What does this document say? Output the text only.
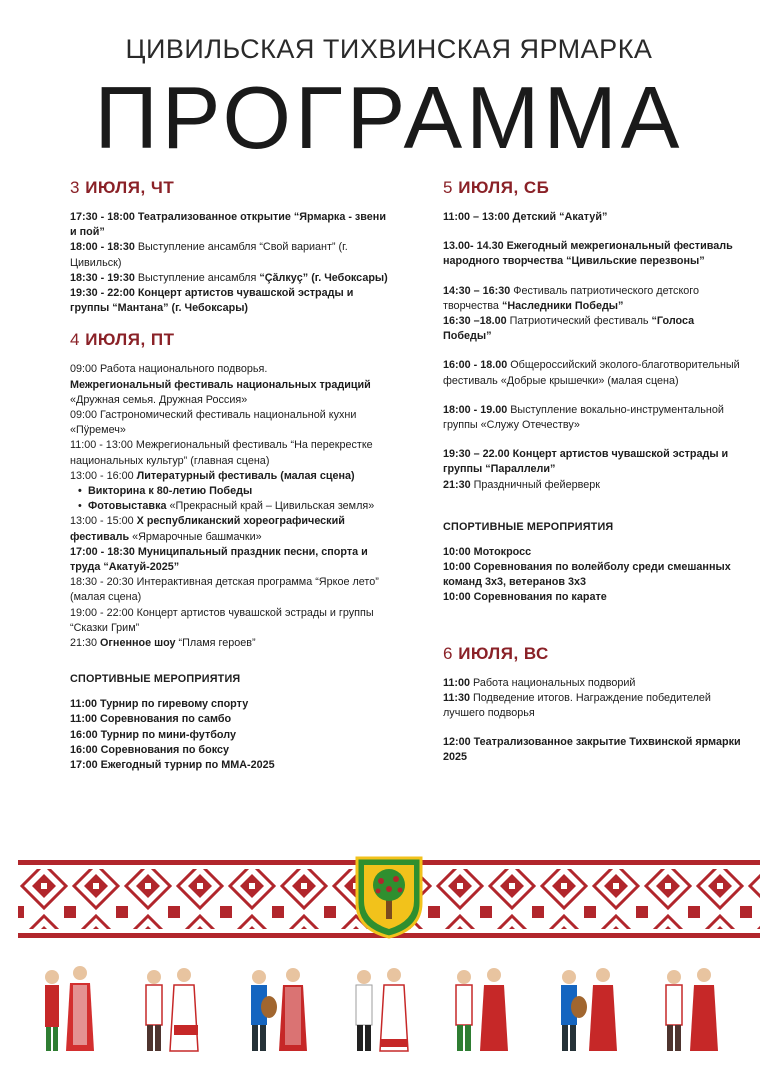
ЦИВИЛЬСКАЯ ТИХВИНСКАЯ ЯРМАРКА
ПРОГРАММА
3 ИЮЛЯ, ЧТ
17:30 - 18:00 Театрализованное открытие “Ярмарка - звени и пой”
18:00 - 18:30 Выступление ансамбля “Свой вариант” (г. Цивильск)
18:30 - 19:30 Выступление ансамбля “Çăлкуç” (г. Чебоксары)
19:30 - 22:00 Концерт артистов чувашской эстрады и группы “Мантана” (г. Чебоксары)
4 ИЮЛЯ, ПТ
09:00 Работа национального подворья.
Межрегиональный фестиваль национальных традиций «Дружная семья. Дружная Россия»
09:00 Гастрономический фестиваль национальной кухни «Пÿремеч»
11:00 - 13:00 Межрегиональный фестиваль “На перекрестке национальных культур” (главная сцена)
13:00 - 16:00 Литературный фестиваль (малая сцена)
• Викторина к 80-летию Победы
• Фотовыставка «Прекрасный край – Цивильская земля»
13:00 - 15:00 X республиканский хореографический фестиваль «Ярмарочные башмачки»
17:00 - 18:30 Муниципальный праздник песни, спорта и труда “Акатуй-2025”
18:30 - 20:30 Интерактивная детская программа “Яркое лето” (малая сцена)
19:00 - 22:00 Концерт артистов чувашской эстрады и группы “Сказки Грим”
21:30 Огненное шоу “Пламя героев”
СПОРТИВНЫЕ МЕРОПРИЯТИЯ
11:00 Турнир по гиревому спорту
11:00 Соревнования по самбо
16:00 Турнир по мини-футболу
16:00 Соревнования по боксу
17:00 Ежегодный турнир по ММА-2025
5 ИЮЛЯ, СБ
11:00 – 13:00 Детский “Акатуй”
13.00- 14.30 Ежегодный межрегиональный фестиваль народного творчества “Цивильские перезвоны”
14:30 – 16:30 Фестиваль патриотического детского творчества “Наследники Победы”
16:30 –18.00 Патриотический фестиваль “Голоса Победы”
16:00 - 18.00 Общероссийский эколого-благотворительный фестиваль «Добрые крышечки» (малая сцена)
18:00 - 19.00 Выступление вокально-инструментальной группы «Служу Отечеству»
19:30 – 22.00 Концерт артистов чувашской эстрады и группы “Параллели”
21:30 Праздничный фейерверк
СПОРТИВНЫЕ МЕРОПРИЯТИЯ
10:00 Мотокросс
10:00 Соревнования по волейболу среди смешанных команд 3х3, ветеранов 3х3
10:00 Соревнования по карате
6 ИЮЛЯ, ВС
11:00 Работа национальных подворий
11:30 Подведение итогов. Награждение победителей лучшего подворья
12:00 Театрализованное закрытие Тихвинской ярмарки 2025
